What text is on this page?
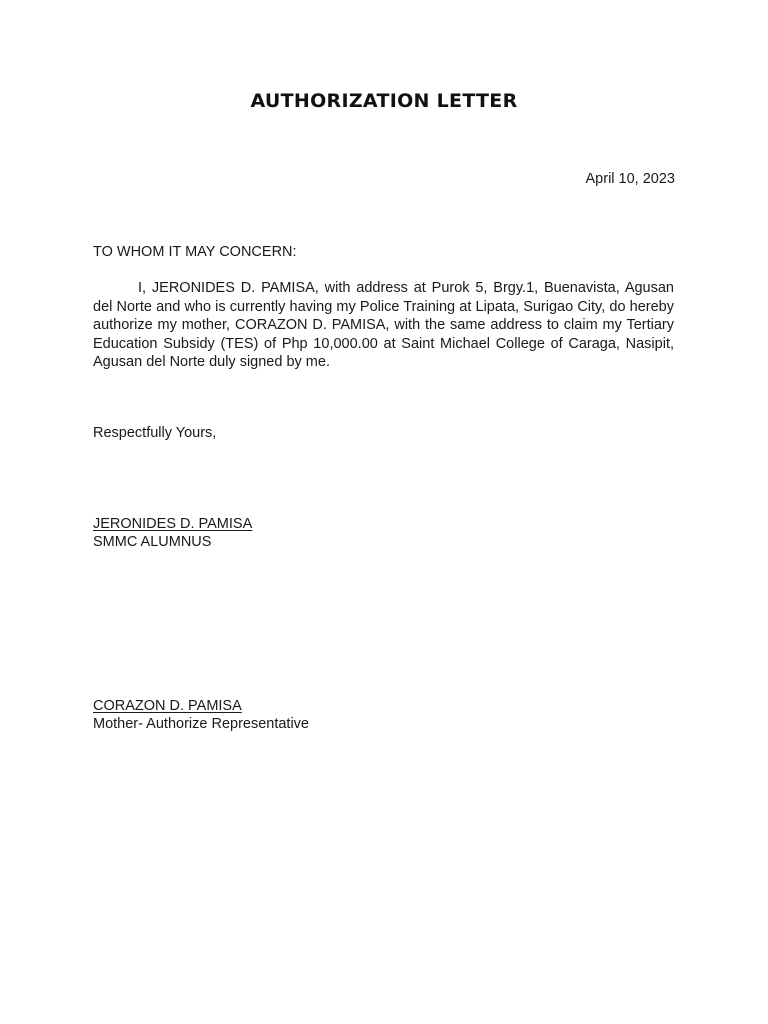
AUTHORIZATION LETTER
April 10, 2023
TO WHOM IT MAY CONCERN:
I, JERONIDES D. PAMISA, with address at Purok 5, Brgy.1, Buenavista, Agusan del Norte and who is currently having my Police Training at Lipata, Surigao City, do hereby authorize my mother, CORAZON D. PAMISA, with the same address to claim my Tertiary Education Subsidy (TES) of Php 10,000.00 at Saint Michael College of Caraga, Nasipit, Agusan del Norte duly signed by me.
Respectfully Yours,
JERONIDES D. PAMISA
SMMC ALUMNUS
CORAZON D. PAMISA
Mother- Authorize Representative
